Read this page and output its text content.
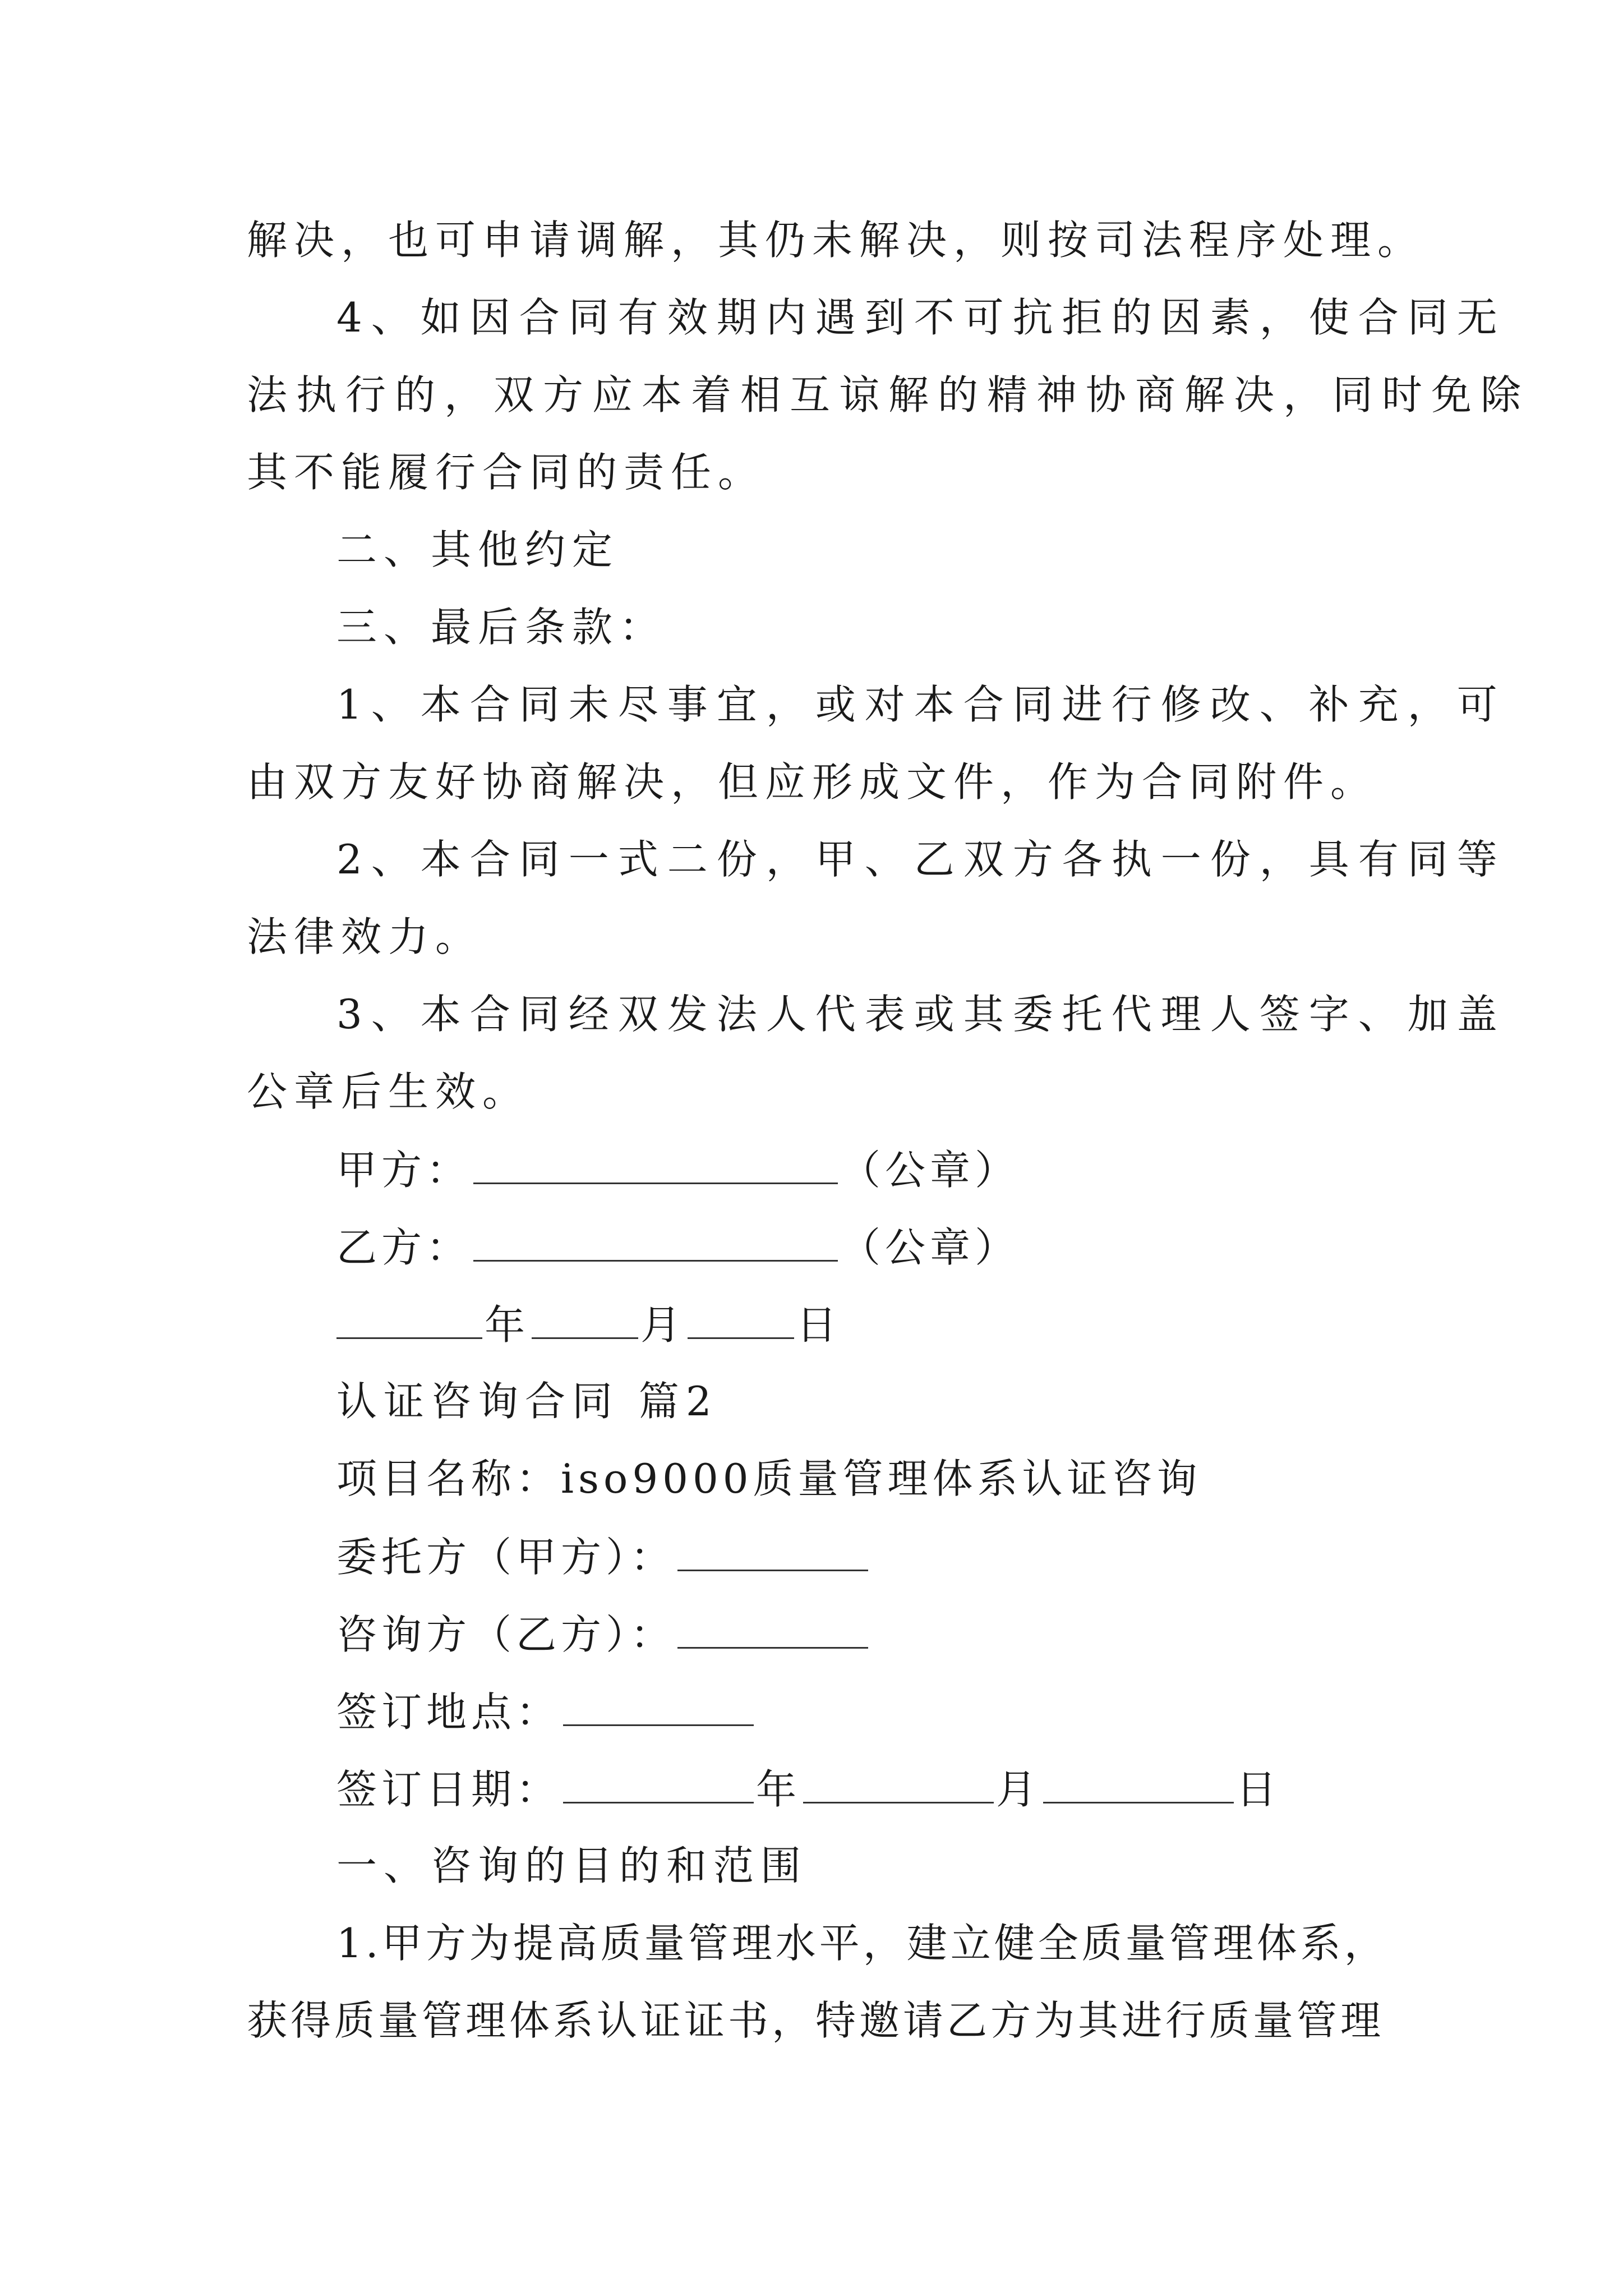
解决，也可申请调解，其仍未解决，则按司法程序处理。
4、如因合同有效期内遇到不可抗拒的因素，使合同无
法执行的，双方应本着相互谅解的精神协商解决，同时免除
其不能履行合同的责任。
二、其他约定
三、最后条款：
1、本合同未尽事宜，或对本合同进行修改、补充，可
由双方友好协商解决，但应形成文件，作为合同附件。
2、本合同一式二份，甲、乙双方各执一份，具有同等
法律效力。
3、本合同经双发法人代表或其委托代理人签字、加盖
公章后生效。
甲方：	（公章）
乙方：	（公章）
年	月	日
认证咨询合同 篇2
项目名称：iso9000质量管理体系认证咨询
委托方（甲方）：
咨询方（乙方）：
签订地点：
签订日期：	年	月	日
一、咨询的目的和范围
1.甲方为提高质量管理水平，建立健全质量管理体系，
获得质量管理体系认证证书，特邀请乙方为其进行质量管理
